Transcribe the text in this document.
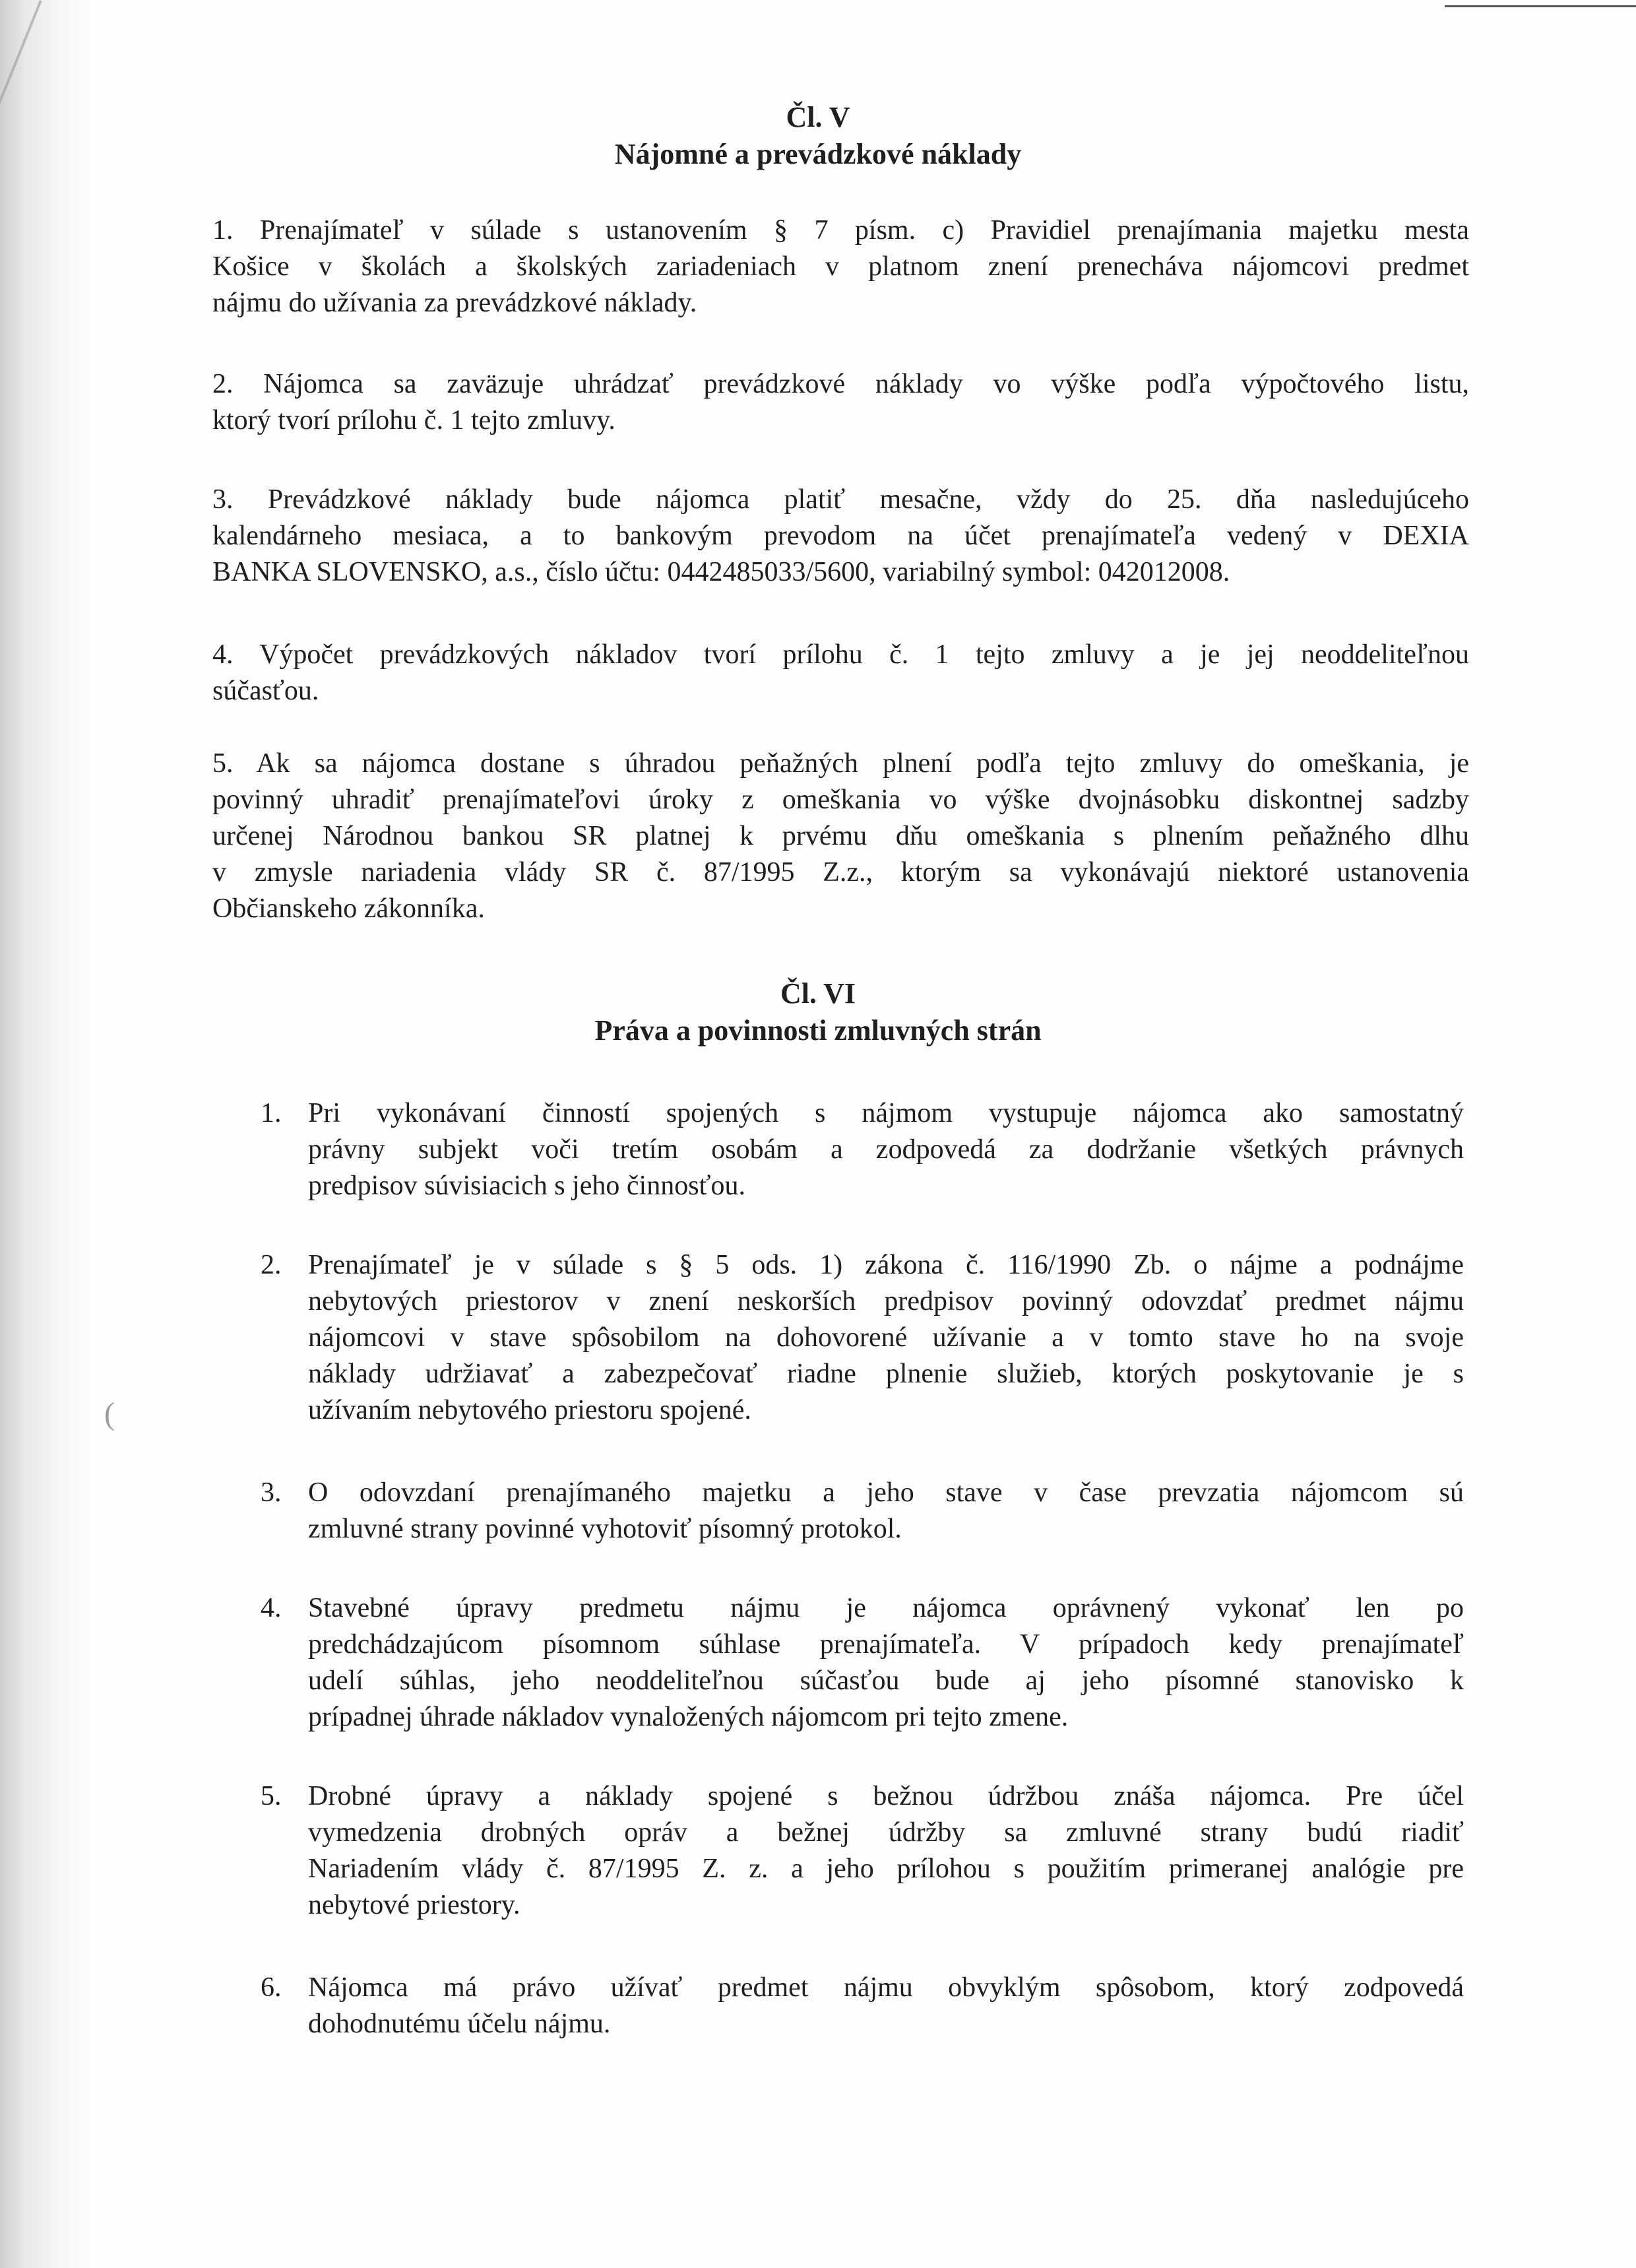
(
Čl. V
Nájomné a prevádzkové náklady
1. Prenajímateľ v súlade s ustanovením § 7 písm. c) Pravidiel prenajímania majetku mesta
Košice v školách a školských zariadeniach v platnom znení prenecháva nájomcovi predmet
nájmu do užívania za prevádzkové náklady.
2. Nájomca sa zaväzuje uhrádzať prevádzkové náklady vo výške podľa výpočtového listu,
ktorý tvorí prílohu č. 1 tejto zmluvy.
3. Prevádzkové náklady bude nájomca platiť mesačne, vždy do 25. dňa nasledujúceho
kalendárneho mesiaca, a to bankovým prevodom na účet prenajímateľa vedený v DEXIA
BANKA SLOVENSKO, a.s., číslo účtu: 0442485033/5600, variabilný symbol: 042012008.
4. Výpočet prevádzkových nákladov tvorí prílohu č. 1 tejto zmluvy a je jej neoddeliteľnou
súčasťou.
5. Ak sa nájomca dostane s úhradou peňažných plnení podľa tejto zmluvy do omeškania, je
povinný uhradiť prenajímateľovi úroky z omeškania vo výške dvojnásobku diskontnej sadzby
určenej Národnou bankou SR platnej k prvému dňu omeškania s plnením peňažného dlhu
v zmysle nariadenia vlády SR č. 87/1995 Z.z., ktorým sa vykonávajú niektoré ustanovenia
Občianskeho zákonníka.
Čl. VI
Práva a povinnosti zmluvných strán
1. Pri vykonávaní činností spojených s nájmom vystupuje nájomca ako samostatný
právny subjekt voči tretím osobám a zodpovedá za dodržanie všetkých právnych
predpisov súvisiacich s jeho činnosťou.
2. Prenajímateľ je v súlade s § 5 ods. 1) zákona č. 116/1990 Zb. o nájme a podnájme
nebytových priestorov v znení neskorších predpisov povinný odovzdať predmet nájmu
nájomcovi v stave spôsobilom na dohovorené užívanie a v tomto stave ho na svoje
náklady udržiavať a zabezpečovať riadne plnenie služieb, ktorých poskytovanie je s
užívaním nebytového priestoru spojené.
3. O odovzdaní prenajímaného majetku a jeho stave v čase prevzatia nájomcom sú
zmluvné strany povinné vyhotoviť písomný protokol.
4. Stavebné úpravy predmetu nájmu je nájomca oprávnený vykonať len po
predchádzajúcom písomnom súhlase prenajímateľa. V prípadoch kedy prenajímateľ
udelí súhlas, jeho neoddeliteľnou súčasťou bude aj jeho písomné stanovisko k
prípadnej úhrade nákladov vynaložených nájomcom pri tejto zmene.
5. Drobné úpravy a náklady spojené s bežnou údržbou znáša nájomca. Pre účel
vymedzenia drobných opráv a bežnej údržby sa zmluvné strany budú riadiť
Nariadením vlády č. 87/1995 Z. z. a jeho prílohou s použitím primeranej analógie pre
nebytové priestory.
6. Nájomca má právo užívať predmet nájmu obvyklým spôsobom, ktorý zodpovedá
dohodnutému účelu nájmu.
